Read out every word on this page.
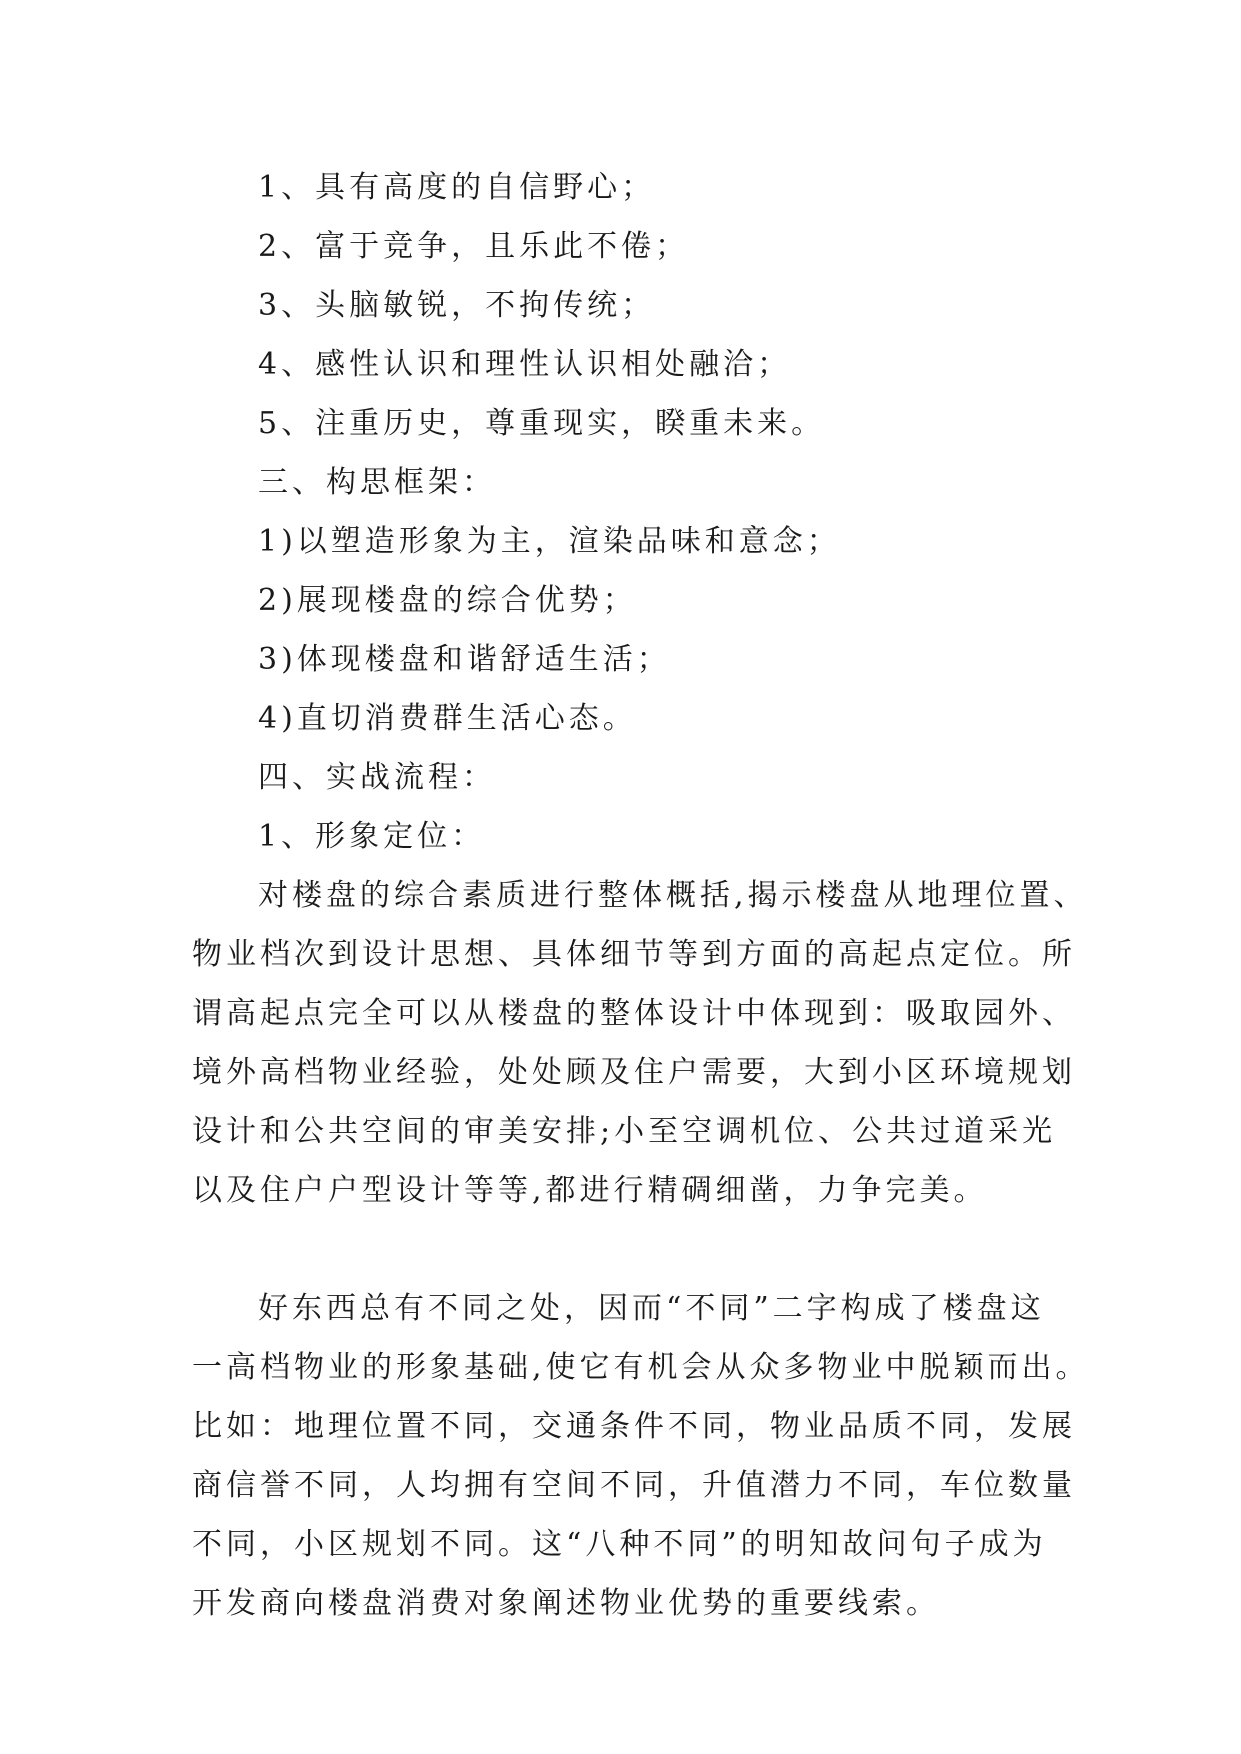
1、具有高度的自信野心；
2、富于竞争，且乐此不倦；
3、头脑敏锐，不拘传统；
4、感性认识和理性认识相处融洽；
5、注重历史，尊重现实，睽重未来。
三、构思框架：
1)以塑造形象为主，渲染品味和意念；
2)展现楼盘的综合优势；
3)体现楼盘和谐舒适生活；
4)直切消费群生活心态。
四、实战流程：
1、形象定位：
对楼盘的综合素质进行整体概括,揭示楼盘从地理位置、
物业档次到设计思想、具体细节等到方面的高起点定位。所
谓高起点完全可以从楼盘的整体设计中体现到：吸取园外、
境外高档物业经验，处处顾及住户需要，大到小区环境规划
设计和公共空间的审美安排;小至空调机位、公共过道采光
以及住户户型设计等等,都进行精碉细凿，力争完美。
好东西总有不同之处，因而“不同”二字构成了楼盘这
一高档物业的形象基础,使它有机会从众多物业中脱颖而出。
比如：地理位置不同，交通条件不同，物业品质不同，发展
商信誉不同，人均拥有空间不同，升值潜力不同，车位数量
不同，小区规划不同。这“八种不同”的明知故问句子成为
开发商向楼盘消费对象阐述物业优势的重要线索。
